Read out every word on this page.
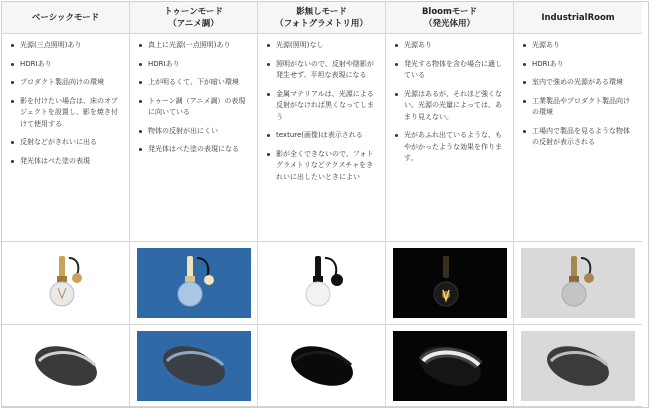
ベーシックモード
トゥーンモード
（アニメ調）
影無しモード
（フォトグラメトリ用）
Bloomモード
（発光体用）
IndustrialRoom
光源(三点照明)あり
HDRIあり
プロダクト製品向けの環境
影を付けたい場合は、床のオブジェクトを設置し、影を焼き付けて使用する
反射などがきれいに出る
発光体はべた塗の表現
真上に光源(一点照明)あり
HDRIあり
上が明るくて、下が暗い環境
トゥーン調（アニメ調）の表現に向いている
物体の反射が出にくい
発光体はべた塗の表現になる
光源(照明)なし
照明がないので、反射や陰影が発生せず、平坦な表現になる
金属マテリアルは、光源による反射がなければ黒くなってしまう
texture(画像)は表示される
影が全くできないので、フォトグラメトリなどテクスチャをきれいに出したいときによい
光源あり
発光する物体を含む場合に適している
光源はあるが、それほど強くない。光源の光量によっては、あまり見えない。
光があふれ出ているような、もやがかったような効果を作ります。
光源あり
HDRIあり
室内で強めの光源がある環境
工業製品やプロダクト製品向けの環境
工場内で製品を見るような物体の反射が表示される
